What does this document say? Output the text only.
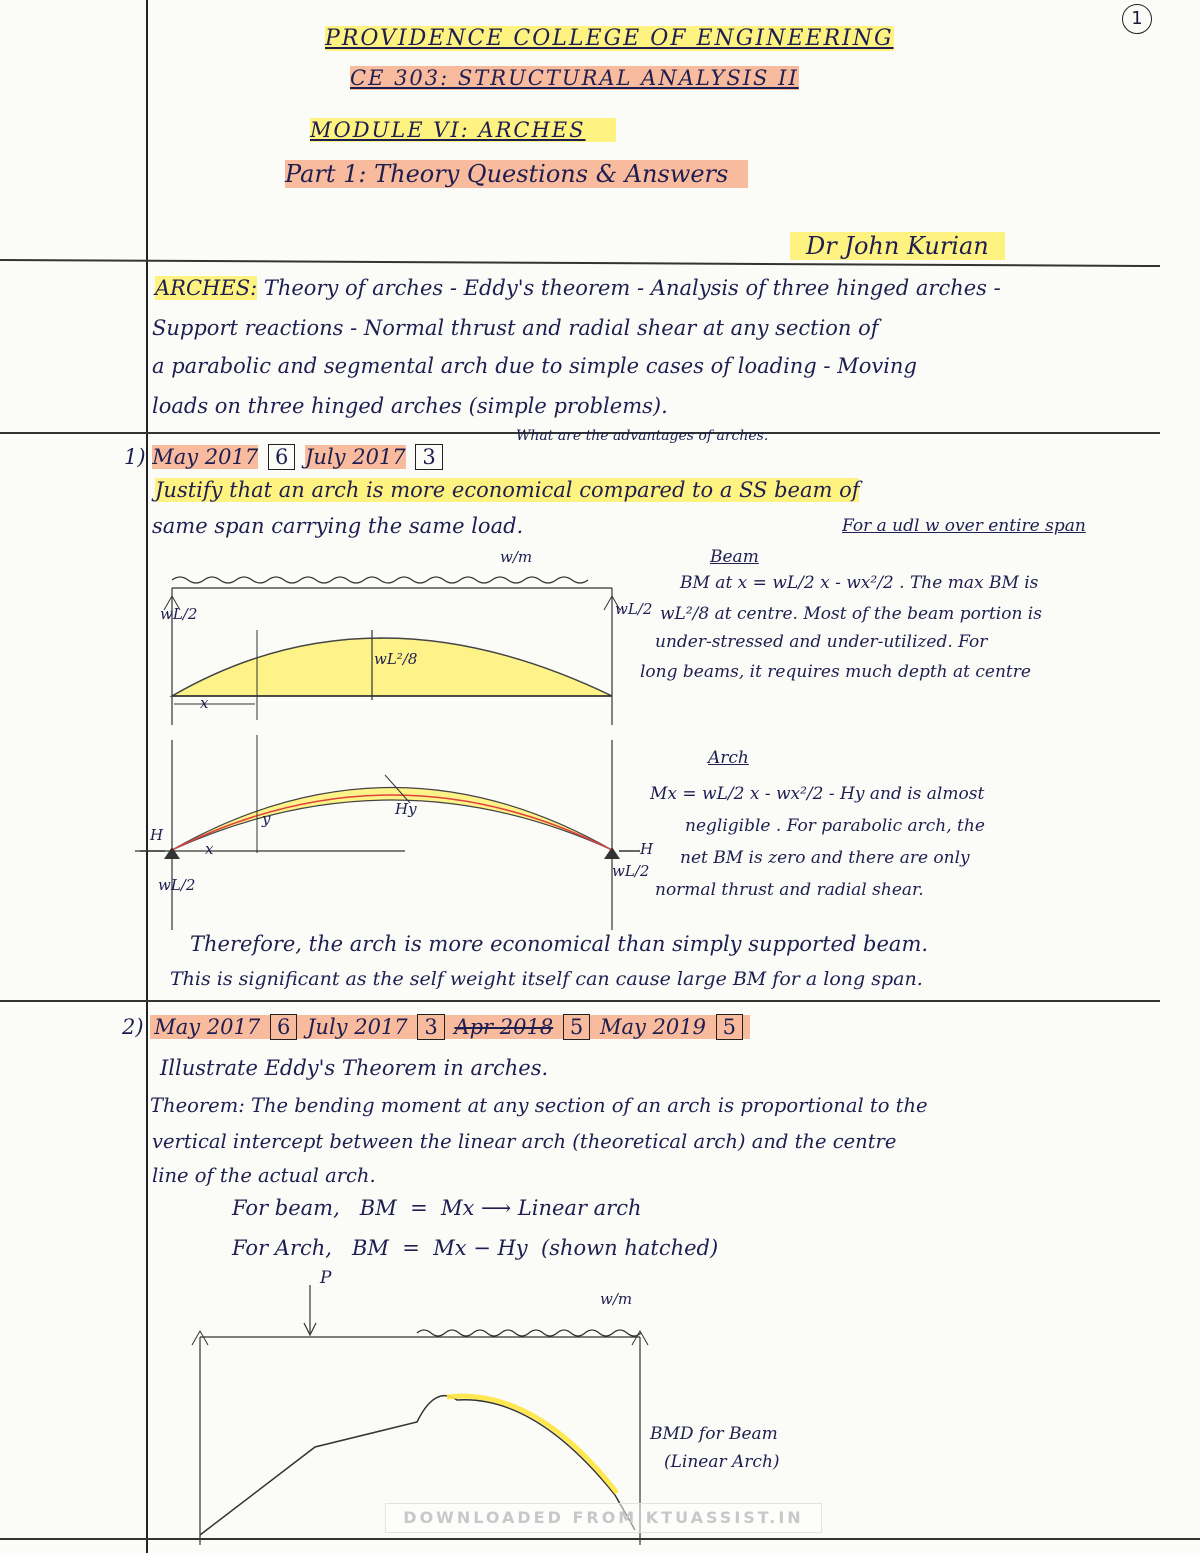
1
PROVIDENCE COLLEGE OF ENGINEERING
CE 303: STRUCTURAL ANALYSIS II
MODULE VI: ARCHES
Part 1: Theory Questions & Answers
Dr John Kurian
ARCHES: Theory of arches - Eddy's theorem - Analysis of three hinged arches -
Support reactions - Normal thrust and radial shear at any section of
a parabolic and segmental arch due to simple cases of loading - Moving
loads on three hinged arches (simple problems).
1) May 2017 6 July 2017 3
What are the advantages of arches.
Justify that an arch is more economical compared to a SS beam of
same span carrying the same load.	For a udl w over entire span
w/m
wL/2	wL/2
wL²/8
x
Beam
BM at x = wL/2 x - wx²/2 . The max BM is
wL²/8 at centre. Most of the beam portion is
under-stressed and under-utilized. For
long beams, it requires much depth at centre
H
H
wL/2
wL/2
x
y
Hy
Arch
Mx = wL/2 x - wx²/2 - Hy and is almost
negligible . For parabolic arch, the
net BM is zero and there are only
normal thrust and radial shear.
Therefore, the arch is more economical than simply supported beam.
This is significant as the self weight itself can cause large BM for a long span.
2) May 2017 6 July 2017 3 Apr 2018 5 May 2019 5
Illustrate Eddy's Theorem in arches.
Theorem: The bending moment at any section of an arch is proportional to the
vertical intercept between the linear arch (theoretical arch) and the centre
line of the actual arch.
For beam,   BM  =  Mx ⟶ Linear arch
For Arch,   BM  =  Mx − Hy  (shown hatched)
P
w/m
BMD for Beam
(Linear Arch)
DOWNLOADED FROM KTUASSIST.IN
